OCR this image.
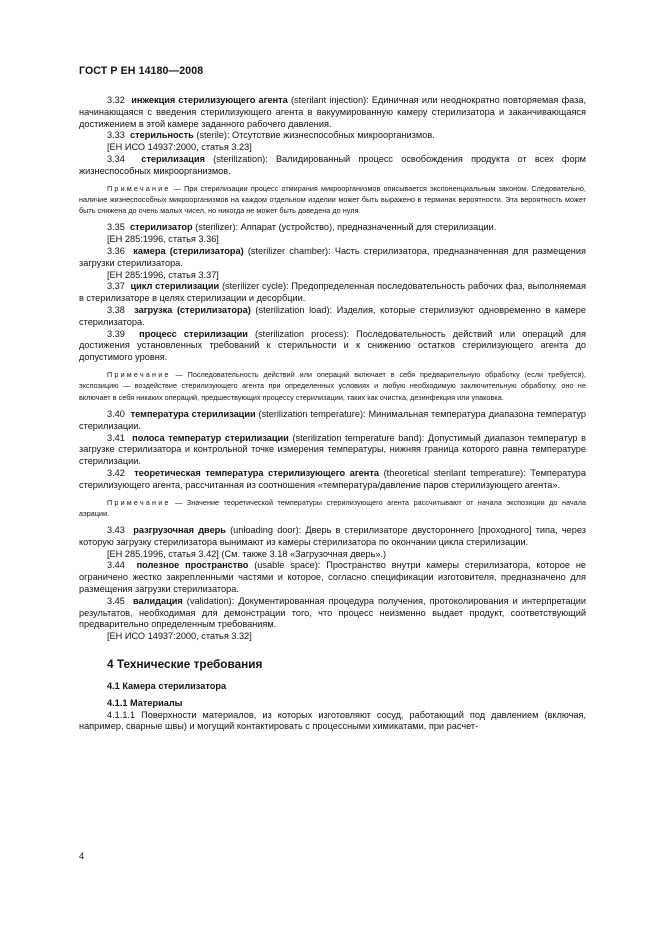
ГОСТ Р ЕН 14180—2008

3.32 инжекция стерилизующего агента (sterilant injection): Единичная или неоднократно повторяемая фаза, начинающаяся с введения стерилизующего агента в вакуумированную камеру стерилизатора и заканчивающаяся достижением в этой камере заданного рабочего давления.

3.33 стерильность (sterile): Отсутствие жизнеспособных микроорганизмов.

[ЕН ИСО 14937:2000, статья 3.23]

3.34 стерилизация (sterilization): Валидированный процесс освобождения продукта от всех форм жизнеспособных микроорганизмов.

Примечание — При стерилизации процесс отмирания микроорганизмов описывается экспоненциальным законом. Следовательно, наличие жизнеспособных микроорганизмов на каждом отдельном изделии может быть выражено в терминах вероятности. Эта вероятность может быть снижена до очень малых чисел, но никогда не может быть доведена до нуля.

3.35 стерилизатор (sterilizer): Аппарат (устройство), предназначенный для стерилизации.

[ЕН 285:1996, статья 3.36]

3.36 камера (стерилизатора) (sterilizer chamber): Часть стерилизатора, предназначенная для размещения загрузки стерилизатора.

[ЕН 285:1996, статья 3.37]

3.37 цикл стерилизации (sterilizer cycle): Предопределенная последовательность рабочих фаз, выполняемая в стерилизаторе в целях стерилизации и десорбции.

3.38 загрузка (стерилизатора) (sterilization load): Изделия, которые стерилизуют одновременно в камере стерилизатора.

3.39 процесс стерилизации (sterilization process): Последовательность действий или операций для достижения установленных требований к стерильности и к снижению остатков стерилизующего агента до допустимого уровня.

Примечание — Последовательность действий или операций включает в себя предварительную обработку (если требуется), экспозицию — воздействие стерилизующего агента при определенных условиях и любую необходимую заключительную обработку, оно не включает в себя никаких операций, предшествующих процессу стерилизации, таких как очистка, дезинфекция или упаковка.

3.40 температура стерилизации (sterilization temperature): Минимальная температура диапазона температур стерилизации.

3.41 полоса температур стерилизации (sterilization temperature band): Допустимый диапазон температур в загрузке стерилизатора и контрольной точке измерения температуры, нижняя граница которого равна температуре стерилизации.

3.42 теоретическая температура стерилизующего агента (theoretical sterilant temperature): Температура стерилизующего агента, рассчитанная из соотношения «температура/давление паров стерилизующего агента».

Примечание — Значение теоретической температуры стерилизующего агента рассчитывают от начала экспозиции до начала аэрации.

3.43 разгрузочная дверь (unloading door): Дверь в стерилизаторе двустороннего [проходного] типа, через которую загрузку стерилизатора вынимают из камеры стерилизатора по окончании цикла стерилизации.

[ЕН 285.1996, статья 3.42] (См. также 3.18 «Загрузочная дверь».)

3.44 полезное пространство (usable space): Пространство внутри камеры стерилизатора, которое не ограничено жестко закрепленными частями и которое, согласно спецификации изготовителя, предназначено для размещения загрузки стерилизатора.

3.45 валидация (validation): Документированная процедура получения, протоколирования и интерпретации результатов, необходимая для демонстрации того, что процесс неизменно выдает продукт, соответствующий предварительно определенным требованиям.

[ЕН ИСО 14937:2000, статья 3.32]

4 Технические требования
4.1 Камера стерилизатора
4.1.1 Материалы

4.1.1.1 Поверхности материалов, из которых изготовляют сосуд, работающий под давлением (включая, например, сварные швы) и могущий контактировать с процессными химикатами, при расчет-

4
